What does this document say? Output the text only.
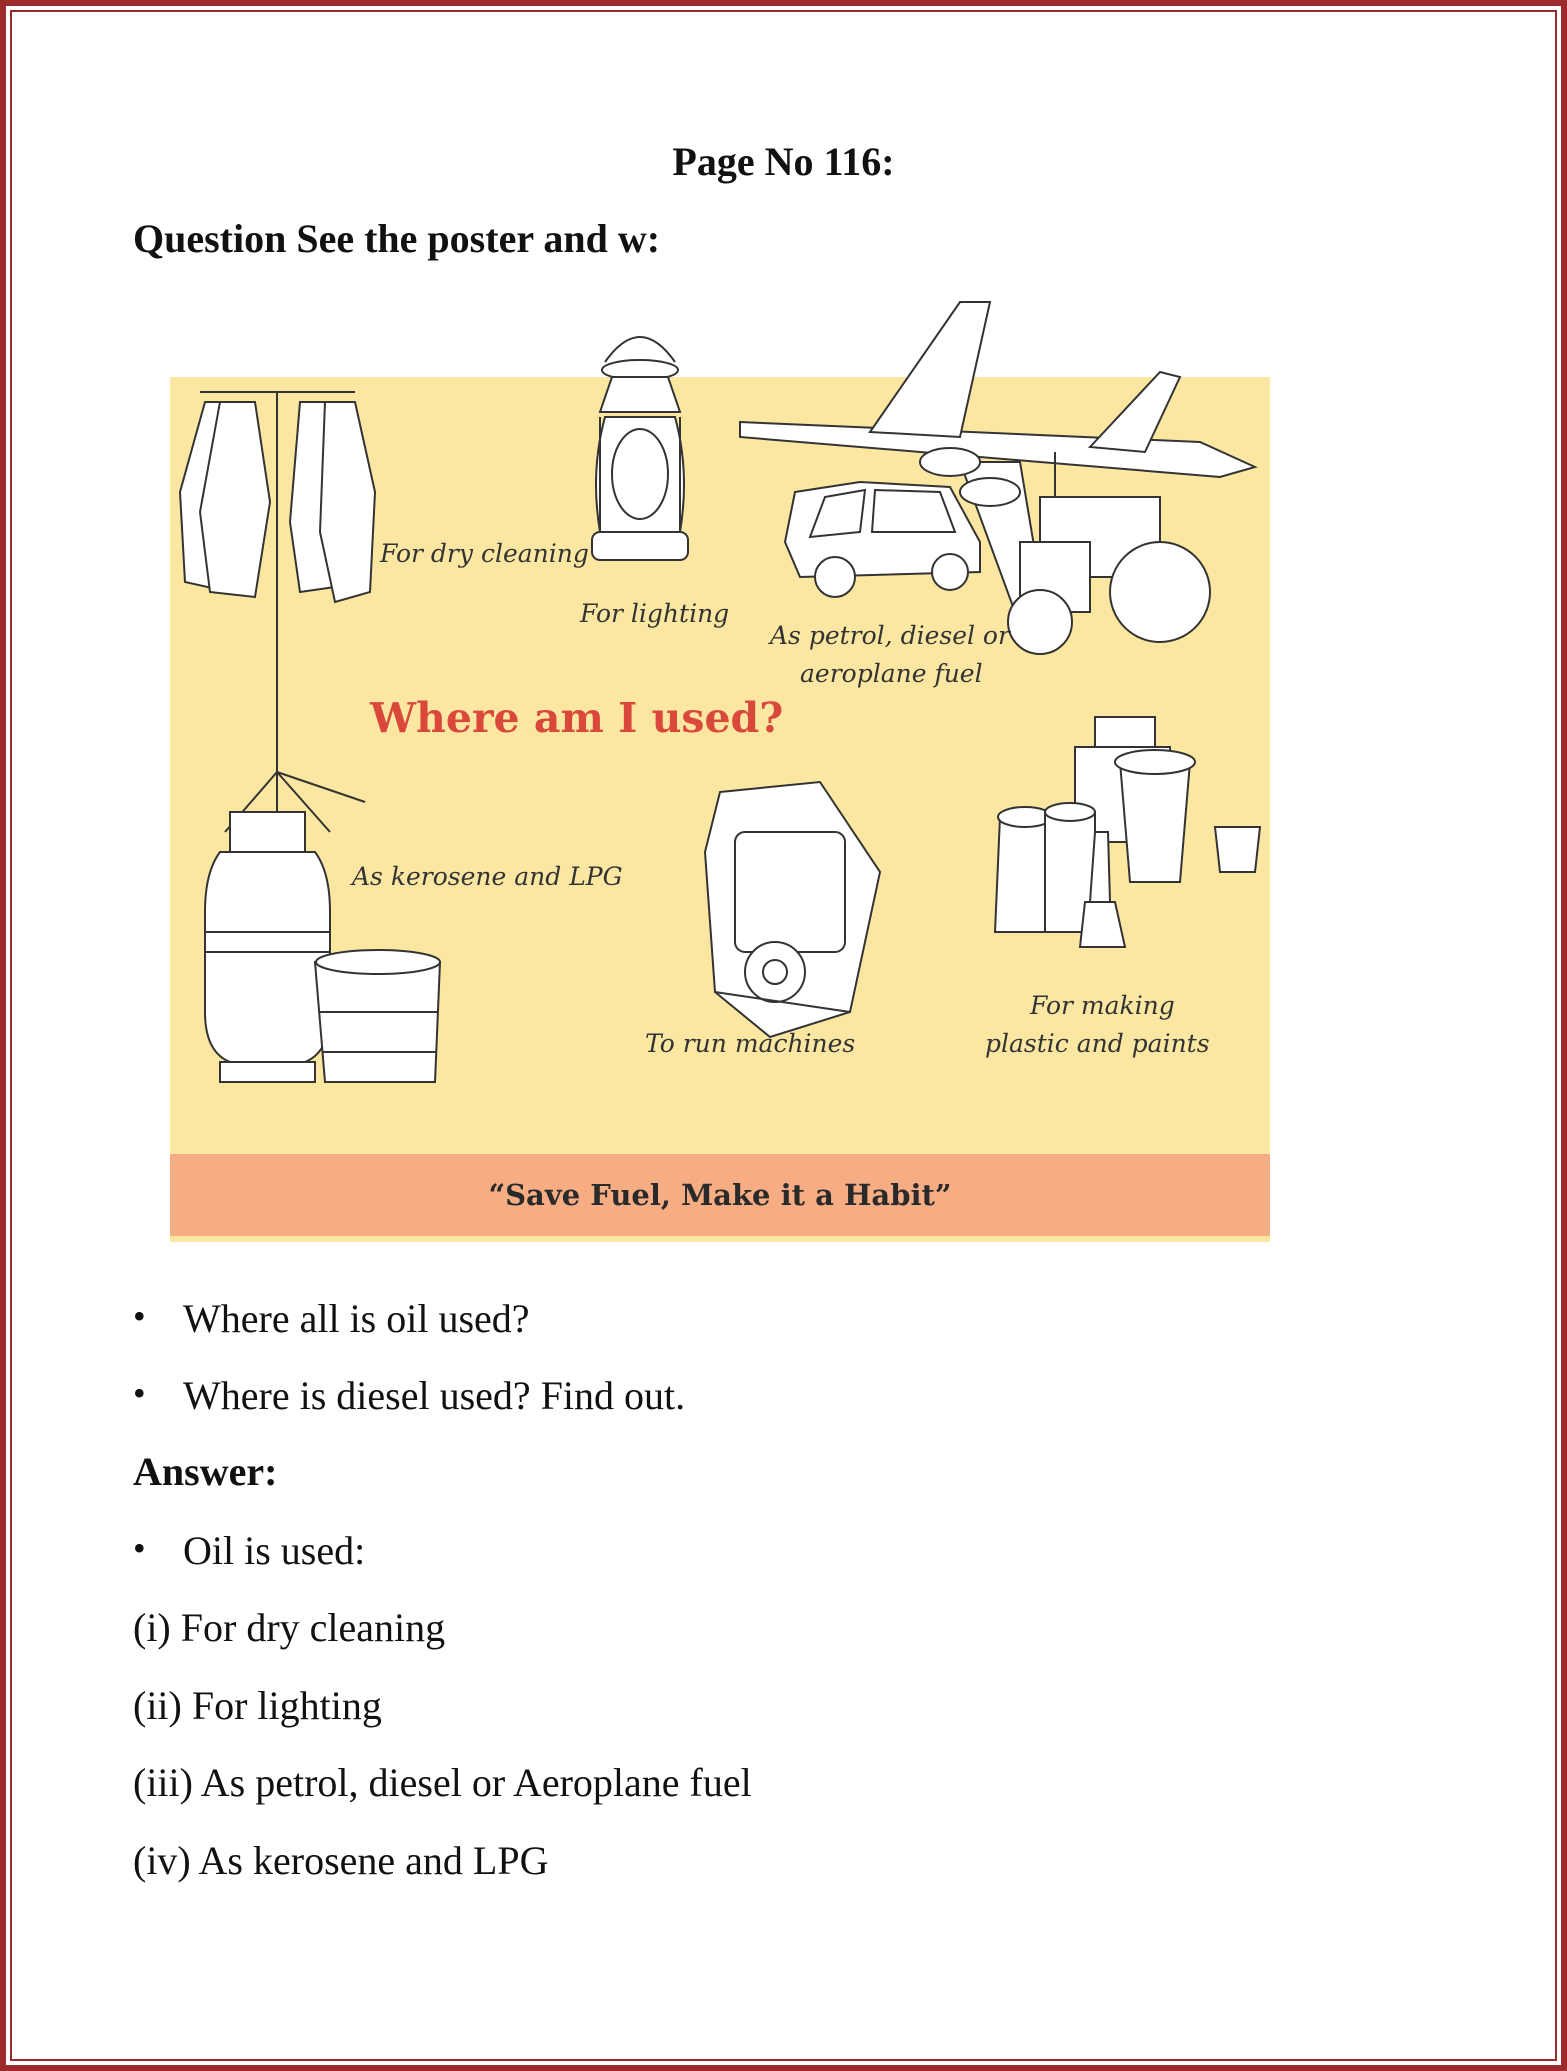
Page No 116:
Question See the poster and w:
For dry cleaning
For lighting
As petrol, diesel or
aeroplane fuel
Where am I used?
As kerosene and LPG
To run machines
For making
plastic and paints
“Save Fuel, Make it a Habit”
• Where all is oil used?
• Where is diesel used? Find out.
Answer:
• Oil is used:
(i) For dry cleaning
(ii) For lighting
(iii) As petrol, diesel or Aeroplane fuel
(iv) As kerosene and LPG
